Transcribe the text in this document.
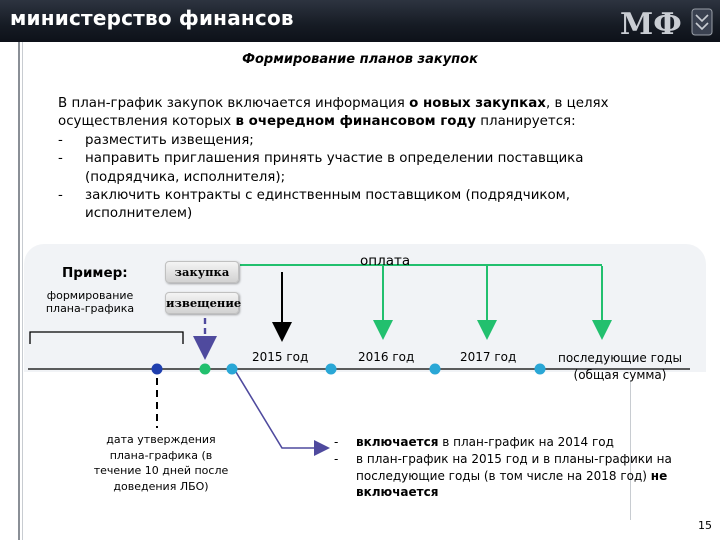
министерство финансов	МФ
Формирование планов закупок

В план-график закупок включается информация о новых закупках, в целях

осуществления которых в очередном финансовом году планируется:

- разместить извещения;

- направить приглашения принять участие в определении поставщика

(подрядчика, исполнителя);

- заключить контракты с единственным поставщиком (подрядчиком,

исполнителем)

Пример:
формирование плана-графика
закупка
извещение
оплата
2015 год	2016 год	2017 год	последующие годы
(общая сумма)
дата утверждения плана-графика (в течение 10 дней после доведения ЛБО)

- включается в план-график на 2014 год

- в план-график на 2015 год и в планы-графики на последующие годы (в том числе на 2018 год) не включается

15
